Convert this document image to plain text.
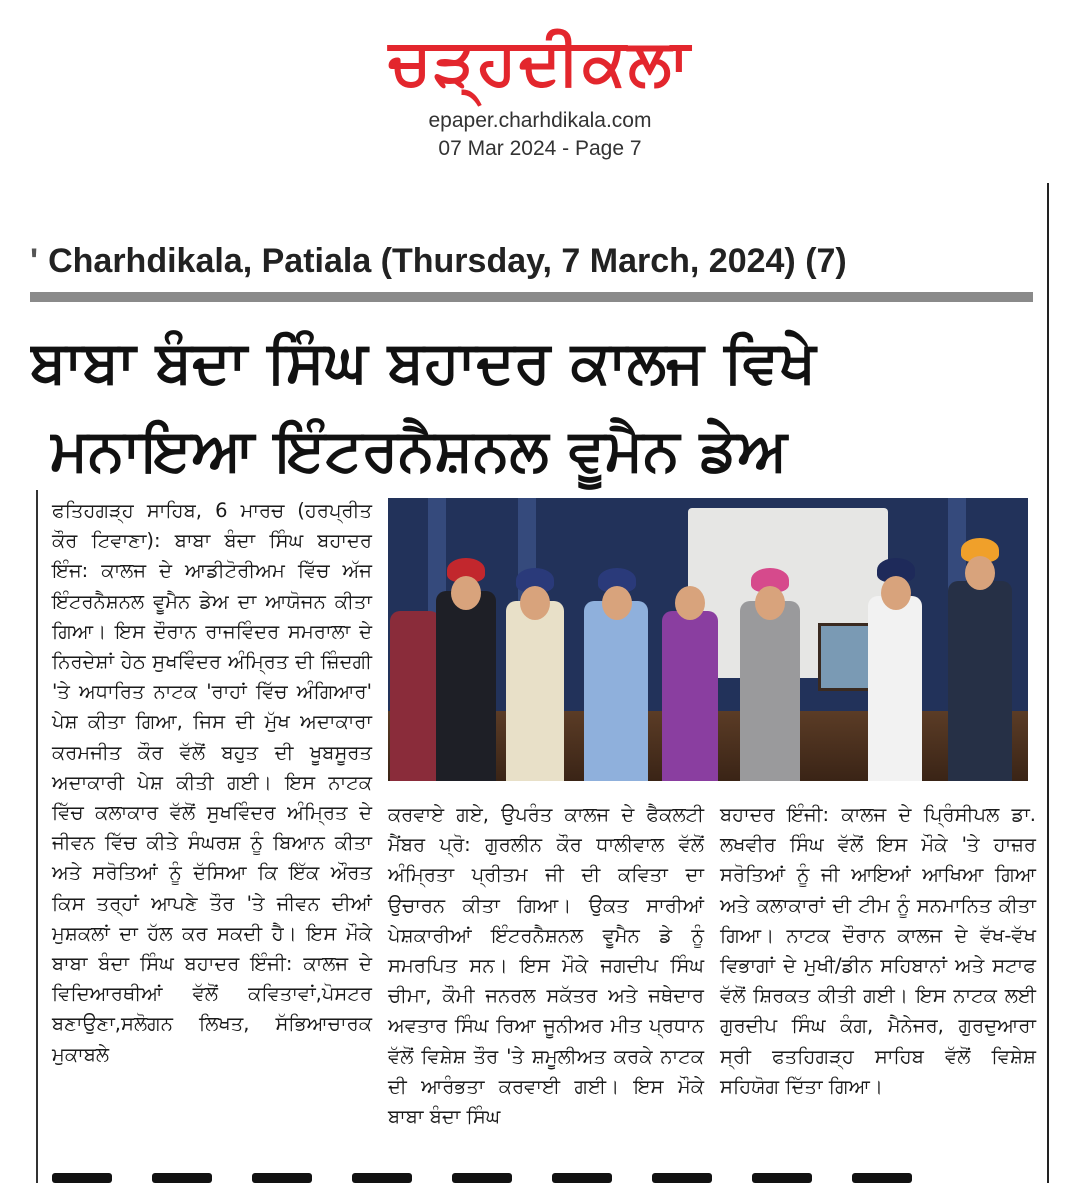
ਚੜ੍ਹਦੀਕਲਾ
epaper.charhdikala.com
07 Mar 2024 - Page 7
' Charhdikala, Patiala (Thursday, 7 March, 2024) (7)
ਬਾਬਾ ਬੰਦਾ ਸਿੰਘ ਬਹਾਦਰ ਕਾਲਜ ਵਿਖੇ
ਮਨਾਇਆ ਇੰਟਰਨੈਸ਼ਨਲ ਵੂਮੈਨ ਡੇਅ

ਫਤਿਹਗੜ੍ਹ ਸਾਹਿਬ, 6 ਮਾਰਚ (ਹਰਪ੍ਰੀਤ ਕੌਰ ਟਿਵਾਣਾ): ਬਾਬਾ ਬੰਦਾ ਸਿੰਘ ਬਹਾਦਰ ਇੰਜ: ਕਾਲਜ ਦੇ ਆਡੀਟੋਰੀਅਮ ਵਿੱਚ ਅੱਜ ਇੰਟਰਨੈਸ਼ਨਲ ਵੂਮੈਨ ਡੇਅ ਦਾ ਆਯੋਜਨ ਕੀਤਾ ਗਿਆ। ਇਸ ਦੌਰਾਨ ਰਾਜਵਿੰਦਰ ਸਮਰਾਲਾ ਦੇ ਨਿਰਦੇਸ਼ਾਂ ਹੇਠ ਸੁਖਵਿੰਦਰ ਅੰਮ੍ਰਿਤ ਦੀ ਜ਼ਿੰਦਗੀ 'ਤੇ ਅਧਾਰਿਤ ਨਾਟਕ 'ਰਾਹਾਂ ਵਿੱਚ ਅੰਗਿਆਰ' ਪੇਸ਼ ਕੀਤਾ ਗਿਆ, ਜਿਸ ਦੀ ਮੁੱਖ ਅਦਾਕਾਰਾ ਕਰਮਜੀਤ ਕੌਰ ਵੱਲੋਂ ਬਹੁਤ ਦੀ ਖੂਬਸੂਰਤ ਅਦਾਕਾਰੀ ਪੇਸ਼ ਕੀਤੀ ਗਈ। ਇਸ ਨਾਟਕ ਵਿੱਚ ਕਲਾਕਾਰ ਵੱਲੋਂ ਸੁਖਵਿੰਦਰ ਅੰਮ੍ਰਿਤ ਦੇ ਜੀਵਨ ਵਿੱਚ ਕੀਤੇ ਸੰਘਰਸ਼ ਨੂੰ ਬਿਆਨ ਕੀਤਾ ਅਤੇ ਸਰੋਤਿਆਂ ਨੂੰ ਦੱਸਿਆ ਕਿ ਇੱਕ ਔਰਤ ਕਿਸ ਤਰ੍ਹਾਂ ਆਪਣੇ ਤੌਰ 'ਤੇ ਜੀਵਨ ਦੀਆਂ ਮੁਸ਼ਕਲਾਂ ਦਾ ਹੱਲ ਕਰ ਸਕਦੀ ਹੈ। ਇਸ ਮੌਕੇ ਬਾਬਾ ਬੰਦਾ ਸਿੰਘ ਬਹਾਦਰ ਇੰਜੀ: ਕਾਲਜ ਦੇ ਵਿਦਿਆਰਥੀਆਂ ਵੱਲੋਂ ਕਵਿਤਾਵਾਂ,ਪੋਸਟਰ ਬਣਾਉਣਾ,ਸਲੋਗਨ ਲਿਖਤ, ਸੱਭਿਆਚਾਰਕ ਮੁਕਾਬਲੇ

ਕਰਵਾਏ ਗਏ, ਉਪਰੰਤ ਕਾਲਜ ਦੇ ਫੈਕਲਟੀ ਮੈਂਬਰ ਪ੍ਰੋ: ਗੁਰਲੀਨ ਕੌਰ ਧਾਲੀਵਾਲ ਵੱਲੋਂ ਅੰਮ੍ਰਿਤਾ ਪ੍ਰੀਤਮ ਜੀ ਦੀ ਕਵਿਤਾ ਦਾ ਉਚਾਰਨ ਕੀਤਾ ਗਿਆ। ਉਕਤ ਸਾਰੀਆਂ ਪੇਸ਼ਕਾਰੀਆਂ ਇੰਟਰਨੈਸ਼ਨਲ ਵੂਮੈਨ ਡੇ ਨੂੰ ਸਮਰਪਿਤ ਸਨ। ਇਸ ਮੌਕੇ ਜਗਦੀਪ ਸਿੰਘ ਚੀਮਾ, ਕੌਮੀ ਜਨਰਲ ਸਕੱਤਰ ਅਤੇ ਜਥੇਦਾਰ ਅਵਤਾਰ ਸਿੰਘ ਰਿਆ ਜੂਨੀਅਰ ਮੀਤ ਪ੍ਰਧਾਨ ਵੱਲੋਂ ਵਿਸ਼ੇਸ਼ ਤੌਰ 'ਤੇ ਸ਼ਮੂਲੀਅਤ ਕਰਕੇ ਨਾਟਕ ਦੀ ਆਰੰਭਤਾ ਕਰਵਾਈ ਗਈ। ਇਸ ਮੌਕੇ ਬਾਬਾ ਬੰਦਾ ਸਿੰਘ

ਬਹਾਦਰ ਇੰਜੀ: ਕਾਲਜ ਦੇ ਪ੍ਰਿੰਸੀਪਲ ਡਾ. ਲਖਵੀਰ ਸਿੰਘ ਵੱਲੋਂ ਇਸ ਮੌਕੇ 'ਤੇ ਹਾਜ਼ਰ ਸਰੋਤਿਆਂ ਨੂੰ ਜੀ ਆਇਆਂ ਆਖਿਆ ਗਿਆ ਅਤੇ ਕਲਾਕਾਰਾਂ ਦੀ ਟੀਮ ਨੂੰ ਸਨਮਾਨਿਤ ਕੀਤਾ ਗਿਆ। ਨਾਟਕ ਦੌਰਾਨ ਕਾਲਜ ਦੇ ਵੱਖ-ਵੱਖ ਵਿਭਾਗਾਂ ਦੇ ਮੁਖੀ/ਡੀਨ ਸਹਿਬਾਨਾਂ ਅਤੇ ਸਟਾਫ ਵੱਲੋਂ ਸ਼ਿਰਕਤ ਕੀਤੀ ਗਈ। ਇਸ ਨਾਟਕ ਲਈ ਗੁਰਦੀਪ ਸਿੰਘ ਕੰਗ, ਮੈਨੇਜਰ, ਗੁਰਦੁਆਰਾ ਸ੍ਰੀ ਫਤਹਿਗੜ੍ਹ ਸਾਹਿਬ ਵੱਲੋਂ ਵਿਸ਼ੇਸ਼ ਸਹਿਯੋਗ ਦਿੱਤਾ ਗਿਆ।
